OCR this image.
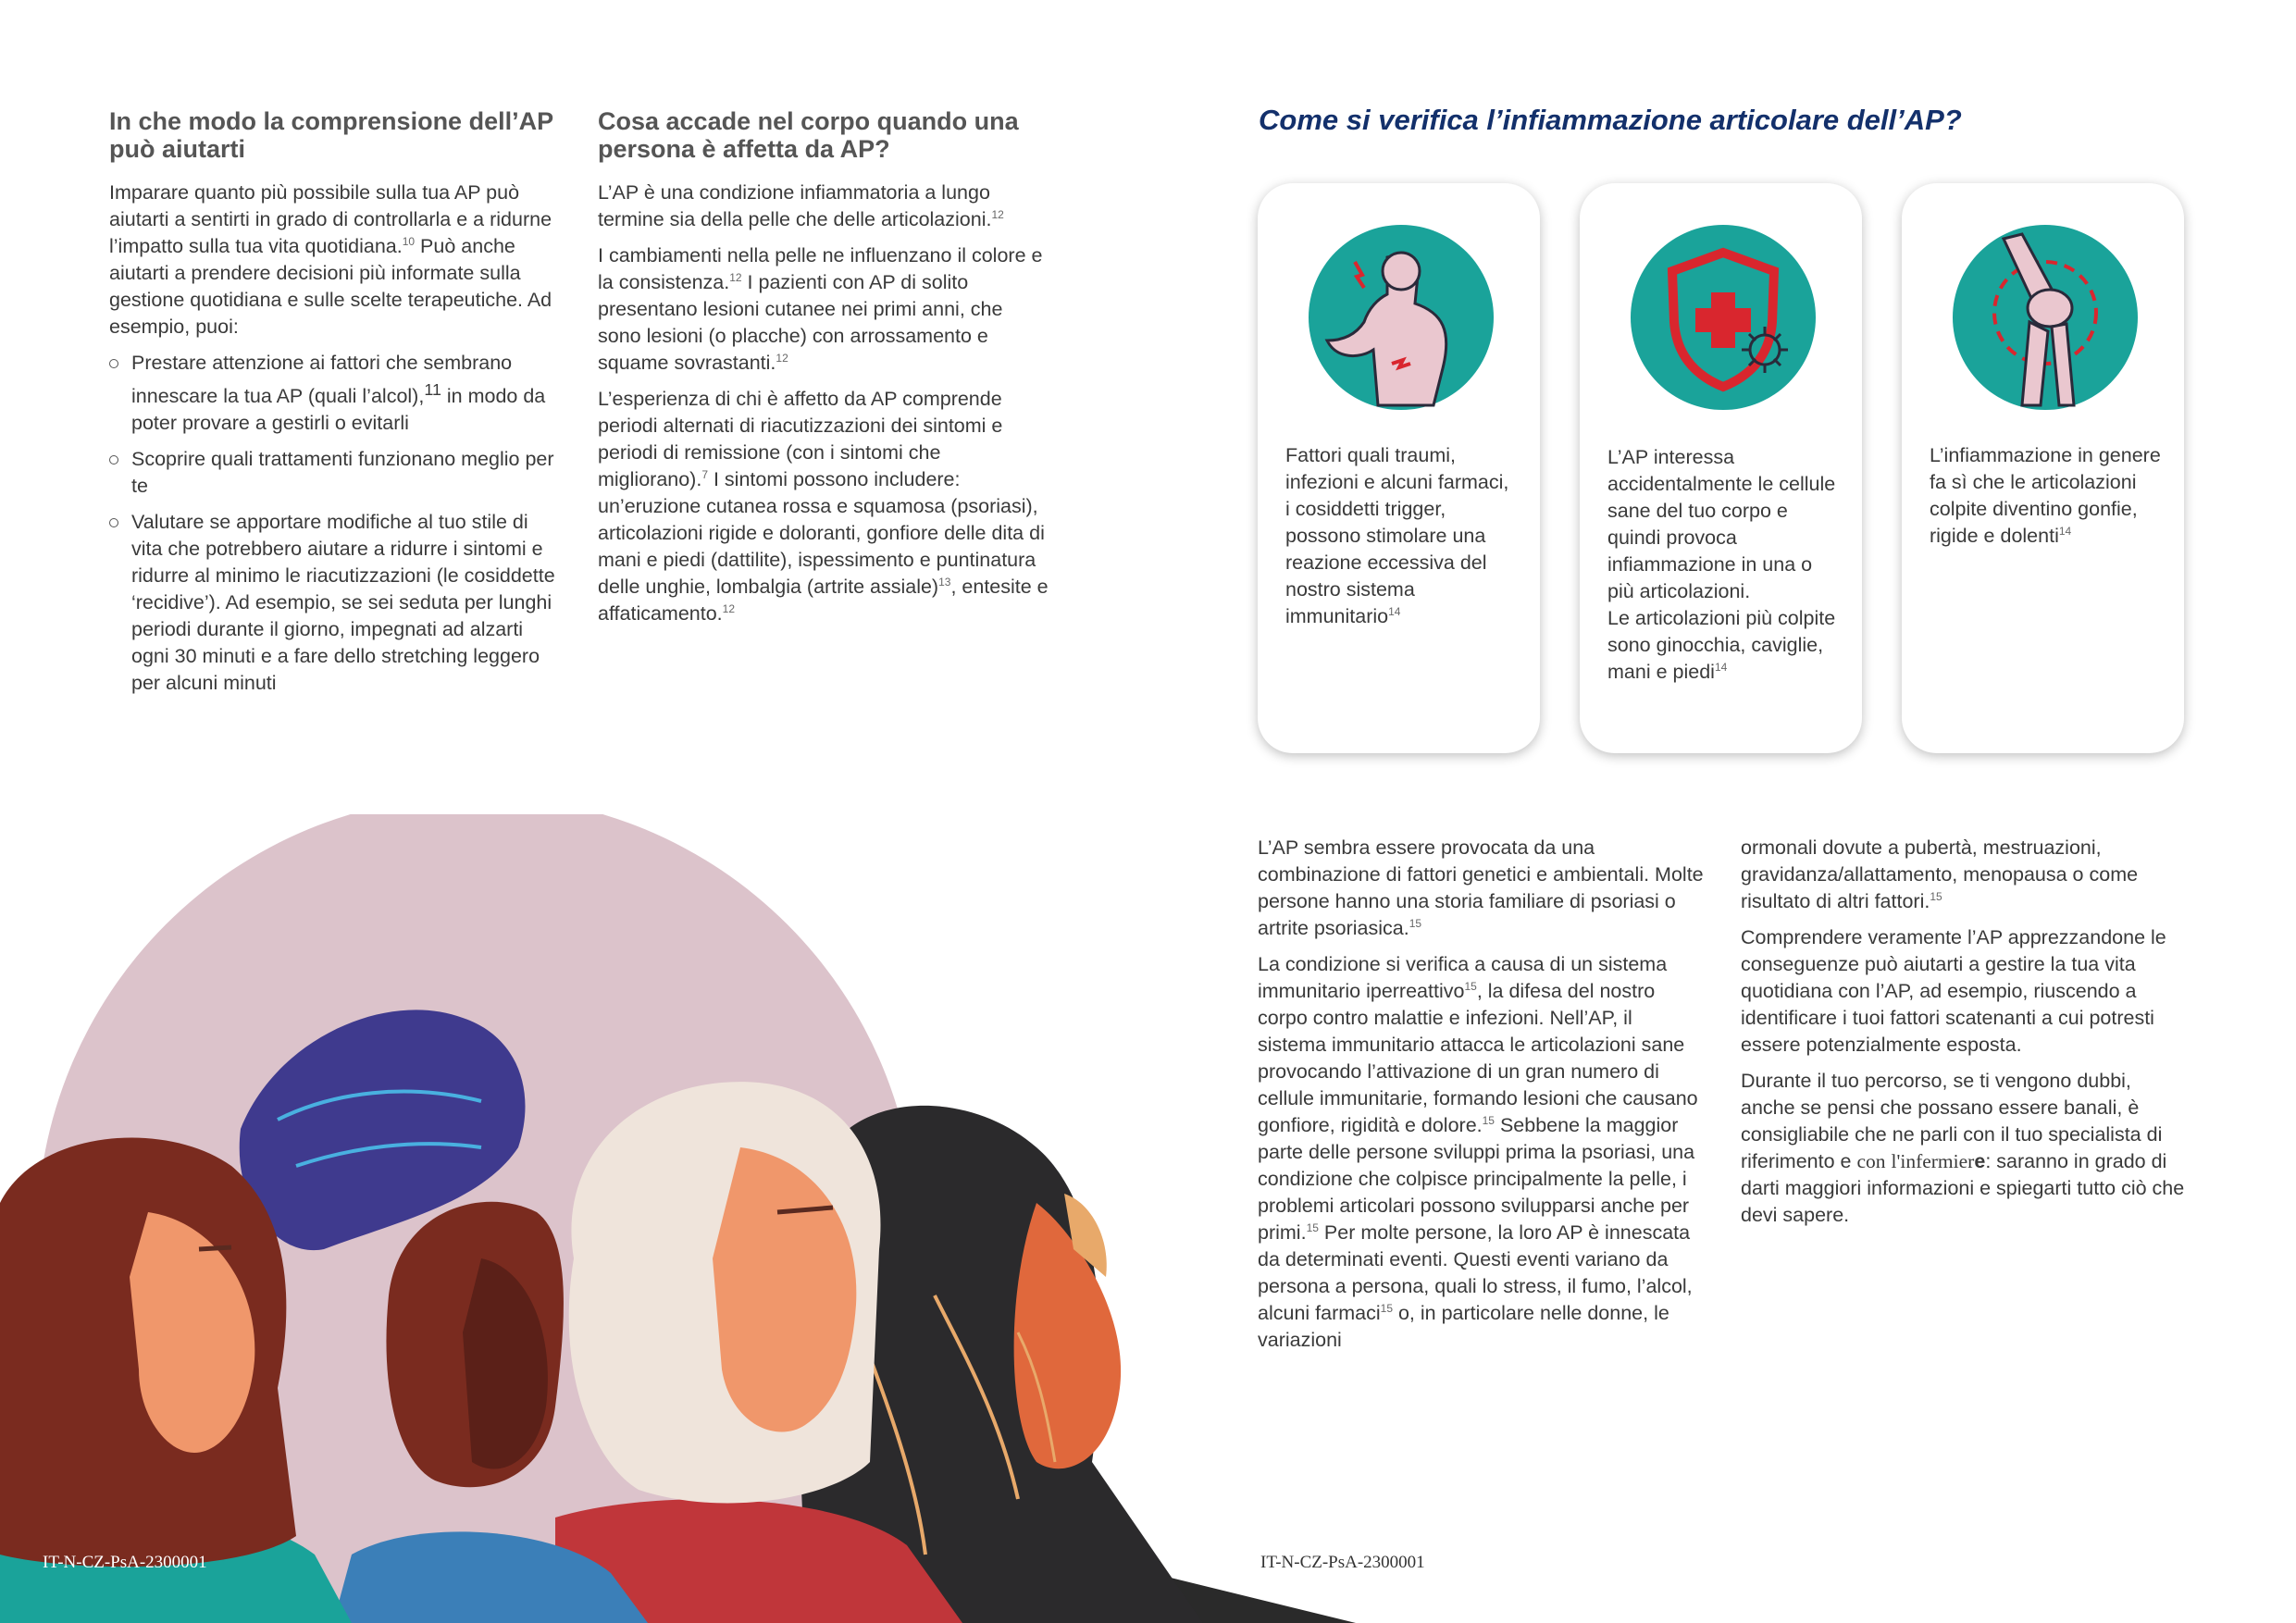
In che modo la comprensione dell’AP può aiutarti

Imparare quanto più possibile sulla tua AP può aiutarti a sentirti in grado di controllarla e a ridurne l’impatto sulla tua vita quotidiana.$^{10}$ Può anche aiutarti a prendere decisioni più informate sulla gestione quotidiana e sulle scelte terapeutiche. Ad esempio, puoi:

Prestare attenzione ai fattori che sembrano innescare la tua AP (quali l’alcol),$^{11}$ in modo da poter provare a gestirli o evitarli
Scoprire quali trattamenti funzionano meglio per te
Valutare se apportare modifiche al tuo stile di vita che potrebbero aiutare a ridurre i sintomi e ridurre al minimo le riacutizzazioni (le cosiddette ‘recidive’). Ad esempio, se sei seduta per lunghi periodi durante il giorno, impegnati ad alzarti ogni 30 minuti e a fare dello stretching leggero per alcuni minuti
Cosa accade nel corpo quando una persona è affetta da AP?

L’AP è una condizione infiammatoria a lungo termine sia della pelle che delle articolazioni.$^{12}$

I cambiamenti nella pelle ne influenzano il colore e la consistenza.$^{12}$ I pazienti con AP di solito presentano lesioni cutanee nei primi anni, che sono lesioni (o placche) con arrossamento e squame sovrastanti.$^{12}$

L’esperienza di chi è affetto da AP comprende periodi alternati di riacutizzazioni dei sintomi e periodi di remissione (con i sintomi che migliorano).$^7$ I sintomi possono includere: un’eruzione cutanea rossa e squamosa (psoriasi), articolazioni rigide e doloranti, gonfiore delle dita di mani e piedi (dattilite), ispessimento e puntinatura delle unghie, lombalgia (artrite assiale)$^{13}$, entesite e affaticamento.$^{12}$

IT-N-CZ-PsA-2300001
Come si verifica l’infiammazione articolare dell’AP?
Fattori quali traumi, infezioni e alcuni farmaci, i cosiddetti trigger, possono stimolare una reazione eccessiva del nostro sistema immunitario$^{14}$
L’AP interessa accidentalmente le cellule sane del tuo corpo e quindi provoca infiammazione in una o più articolazioni.
Le articolazioni più colpite sono ginocchia, caviglie, mani e piedi$^{14}$
L’infiammazione in genere fa sì che le articolazioni colpite diventino gonfie, rigide e dolenti$^{14}$

L’AP sembra essere provocata da una combinazione di fattori genetici e ambientali. Molte persone hanno una storia familiare di psoriasi o artrite psoriasica.$^{15}$

La condizione si verifica a causa di un sistema immunitario iperreattivo$^{15}$, la difesa del nostro corpo contro malattie e infezioni. Nell’AP, il sistema immunitario attacca le articolazioni sane provocando l’attivazione di un gran numero di cellule immunitarie, formando lesioni che causano gonfiore, rigidità e dolore.$^{15}$ Sebbene la maggior parte delle persone sviluppi prima la psoriasi, una condizione che colpisce principalmente la pelle, i problemi articolari possono svilupparsi anche per primi.$^{15}$ Per molte persone, la loro AP è innescata da determinati eventi. Questi eventi variano da persona a persona, quali lo stress, il fumo, l’alcol, alcuni farmaci$^{15}$ o, in particolare nelle donne, le variazioni

ormonali dovute a pubertà, mestruazioni, gravidanza/allattamento, menopausa o come risultato di altri fattori.$^{15}$

Comprendere veramente l’AP apprezzandone le conseguenze può aiutarti a gestire la tua vita quotidiana con l’AP, ad esempio, riuscendo a identificare i tuoi fattori scatenanti a cui potresti essere potenzialmente esposta.

Durante il tuo percorso, se ti vengono dubbi, anche se pensi che possano essere banali, è consigliabile che ne parli con il tuo specialista di riferimento e con l'infermiere: saranno in grado di darti maggiori informazioni e spiegarti tutto ciò che devi sapere.

IT-N-CZ-PsA-2300001
